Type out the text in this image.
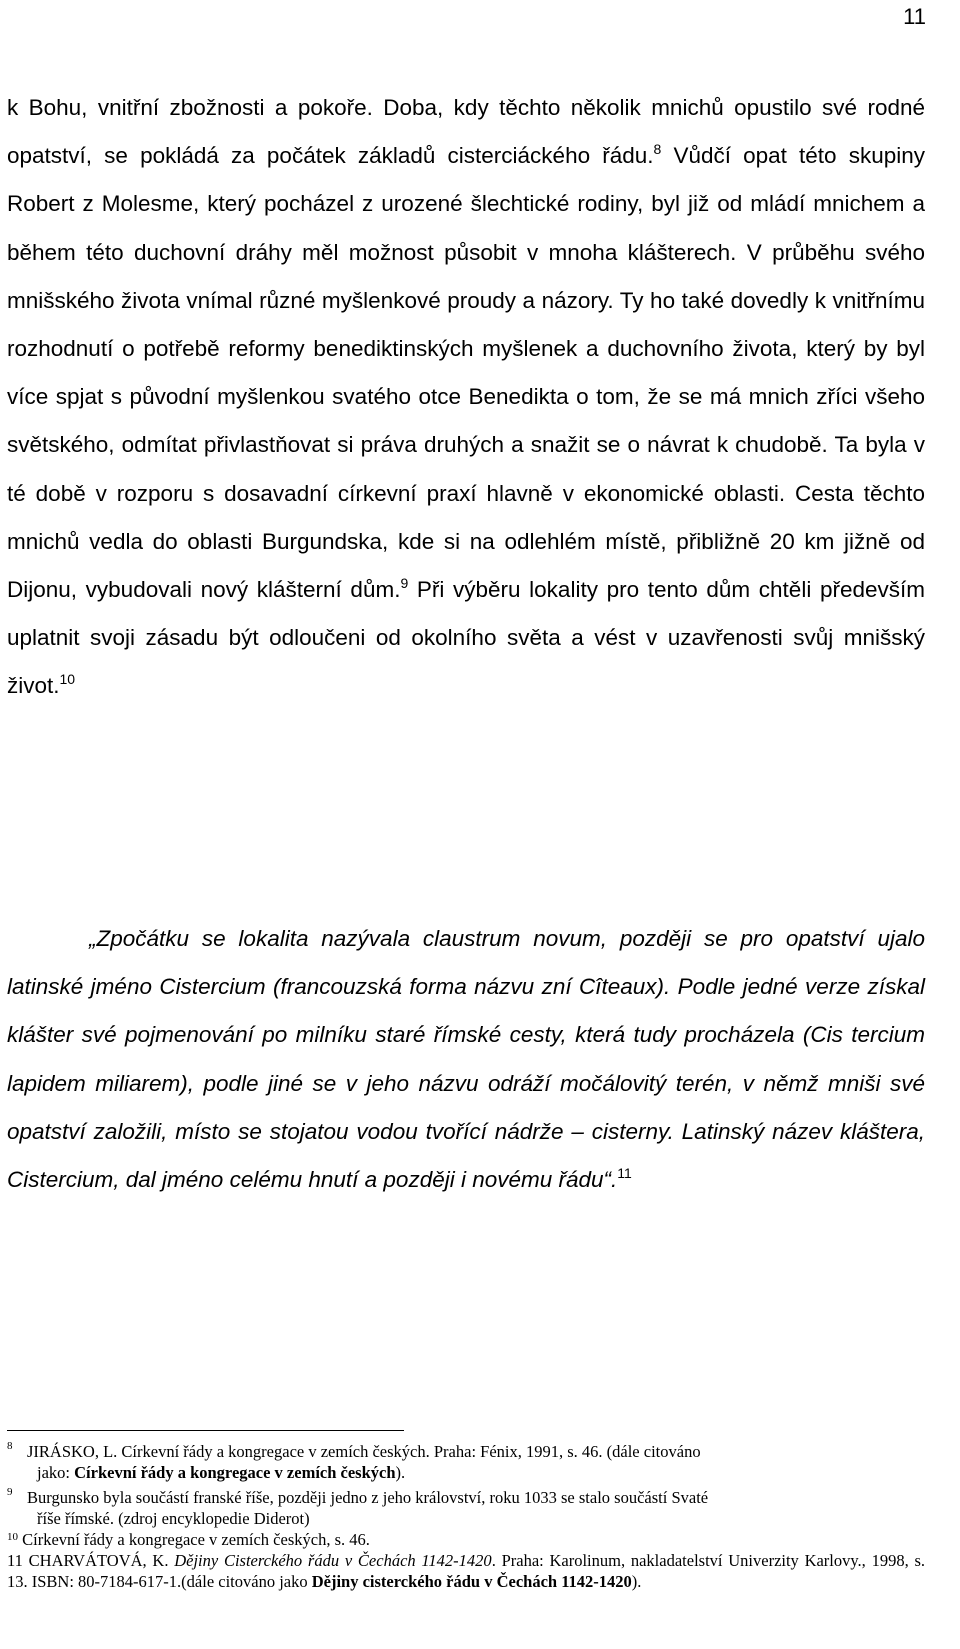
11

k Bohu, vnitřní zbožnosti a pokoře. Doba, kdy těchto několik mnichů opustilo své rodné opatství, se pokládá za počátek základů cisterciáckého řádu.$^8$ Vůdčí opat této skupiny Robert z Molesme, který pocházel z urozené šlechtické rodiny, byl již od mládí mnichem a během této duchovní dráhy měl možnost působit v mnoha klášterech. V průběhu svého mnišského života vnímal různé myšlenkové proudy a názory. Ty ho také dovedly k vnitřnímu rozhodnutí o potřebě reformy benediktinských myšlenek a duchovního života, který by byl více spjat s původní myšlenkou svatého otce Benedikta o tom, že se má mnich zříci všeho světského, odmítat přivlastňovat si práva druhých a snažit se o návrat k chudobě. Ta byla v té době v rozporu s dosavadní církevní praxí hlavně v ekonomické oblasti. Cesta těchto mnichů vedla do oblasti Burgundska, kde si na odlehlém místě, přibližně 20 km jižně od Dijonu, vybudovali nový klášterní dům.$^9$ Při výběru lokality pro tento dům chtěli především uplatnit svoji zásadu být odloučeni od okolního světa a vést v uzavřenosti svůj mnišský život.$^{10}$

„Zpočátku se lokalita nazývala claustrum novum, později se pro opatství ujalo latinské jméno Cistercium (francouzská forma názvu zní Cîteaux). Podle jedné verze získal klášter své pojmenování po milníku staré římské cesty, která tudy procházela (Cis tercium lapidem miliarem), podle jiné se v jeho názvu odráží močálovitý terén, v němž mniši své opatství založili, místo se stojatou vodou tvořící nádrže – cisterny. Latinský název kláštera, Cistercium, dal jméno celému hnutí a později i novému řádu“.$^{11}$

8 JIRÁSKO, L. Církevní řády a kongregace v zemích českých. Praha: Fénix, 1991, s. 46. (dále citováno
jako: Církevní řády a kongregace v zemích českých).
9 Burgunsko byla součástí franské říše, později jedno z jeho království, roku 1033 se stalo součástí Svaté
říše římské. (zdroj encyklopedie Diderot)
$^{10}$ Církevní řády a kongregace v zemích českých, s. 46.
11 CHARVÁTOVÁ, K. Dějiny Cisterckého řádu v Čechách 1142-1420. Praha: Karolinum, nakladatelství Univerzity Karlovy., 1998, s. 13. ISBN: 80-7184-617-1.(dále citováno jako Dějiny cisterckého řádu v Čechách 1142-1420).
